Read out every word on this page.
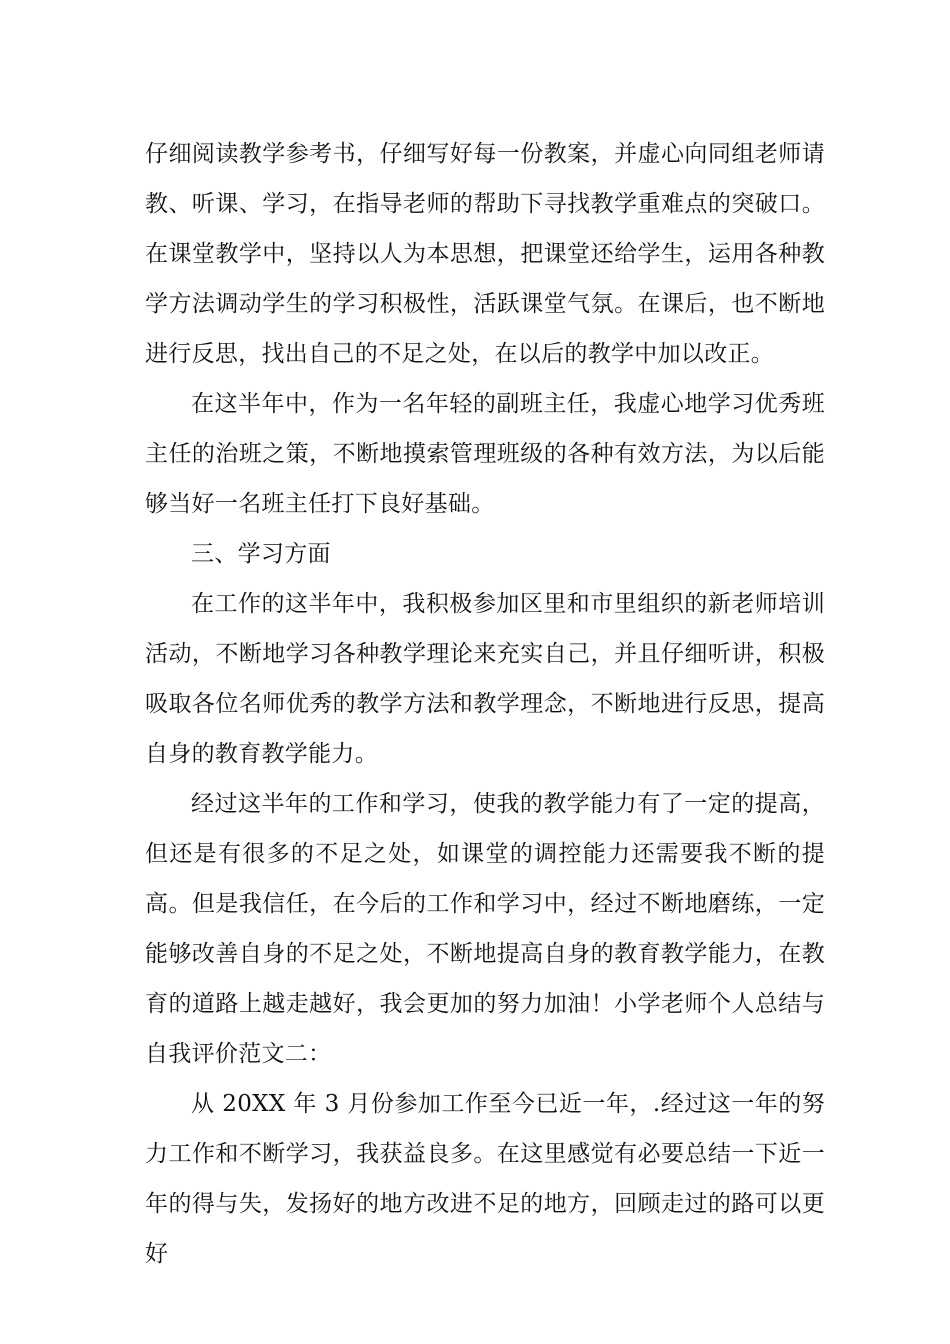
仔细阅读教学参考书，仔细写好每一份教案，并虚心向同组老师请教、听课、学习，在指导老师的帮助下寻找教学重难点的突破口。在课堂教学中，坚持以人为本思想，把课堂还给学生，运用各种教学方法调动学生的学习积极性，活跃课堂气氛。在课后，也不断地进行反思，找出自己的不足之处，在以后的教学中加以改正。

在这半年中，作为一名年轻的副班主任，我虚心地学习优秀班主任的治班之策，不断地摸索管理班级的各种有效方法，为以后能够当好一名班主任打下良好基础。

三、学习方面

在工作的这半年中，我积极参加区里和市里组织的新老师培训活动，不断地学习各种教学理论来充实自己，并且仔细听讲，积极吸取各位名师优秀的教学方法和教学理念，不断地进行反思，提高自身的教育教学能力。

经过这半年的工作和学习，使我的教学能力有了一定的提高，但还是有很多的不足之处，如课堂的调控能力还需要我不断的提高。但是我信任，在今后的工作和学习中，经过不断地磨练，一定能够改善自身的不足之处，不断地提高自身的教育教学能力，在教育的道路上越走越好，我会更加的努力加油！小学老师个人总结与自我评价范文二：

从 20XX 年 3 月份参加工作至今已近一年，.经过这一年的努力工作和不断学习，我获益良多。在这里感觉有必要总结一下近一年的得与失，发扬好的地方改进不足的地方，回顾走过的路可以更好
